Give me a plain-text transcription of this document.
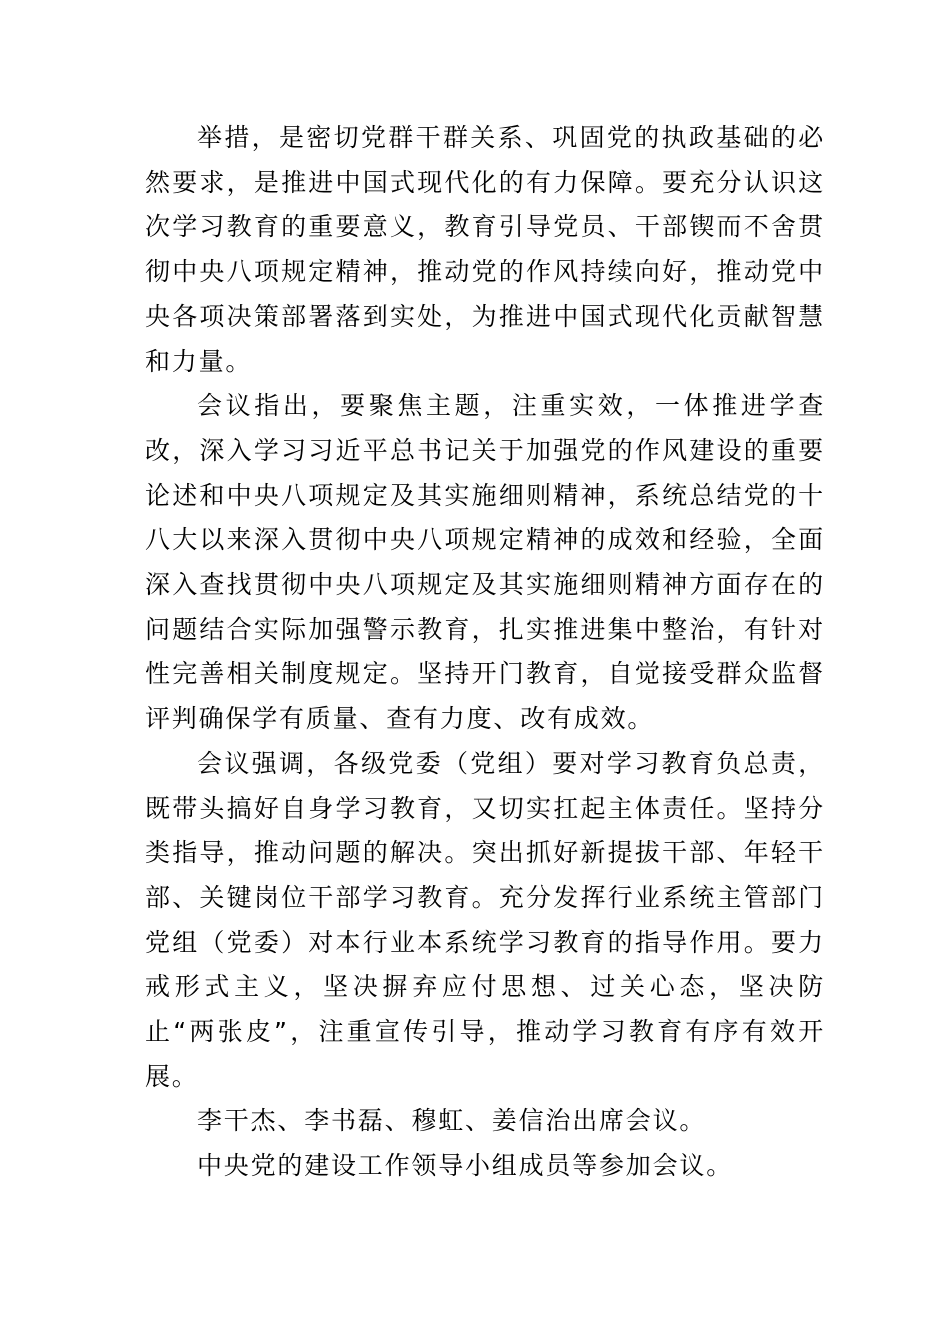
举措，是密切党群干群关系、巩固党的执政基础的必然要求，是推进中国式现代化的有力保障。要充分认识这次学习教育的重要意义，教育引导党员、干部锲而不舍贯彻中央八项规定精神，推动党的作风持续向好，推动党中央各项决策部署落到实处，为推进中国式现代化贡献智慧和力量。

会议指出，要聚焦主题，注重实效，一体推进学查改，深入学习习近平总书记关于加强党的作风建设的重要论述和中央八项规定及其实施细则精神，系统总结党的十八大以来深入贯彻中央八项规定精神的成效和经验，全面深入查找贯彻中央八项规定及其实施细则精神方面存在的问题结合实际加强警示教育，扎实推进集中整治，有针对性完善相关制度规定。坚持开门教育，自觉接受群众监督评判确保学有质量、查有力度、改有成效。

会议强调，各级党委（党组）要对学习教育负总责，既带头搞好自身学习教育，又切实扛起主体责任。坚持分类指导，推动问题的解决。突出抓好新提拔干部、年轻干部、关键岗位干部学习教育。充分发挥行业系统主管部门党组（党委）对本行业本系统学习教育的指导作用。要力戒形式主义，坚决摒弃应付思想、过关心态，坚决防止“两张皮”，注重宣传引导，推动学习教育有序有效开展。

李干杰、李书磊、穆虹、姜信治出席会议。

中央党的建设工作领导小组成员等参加会议。
